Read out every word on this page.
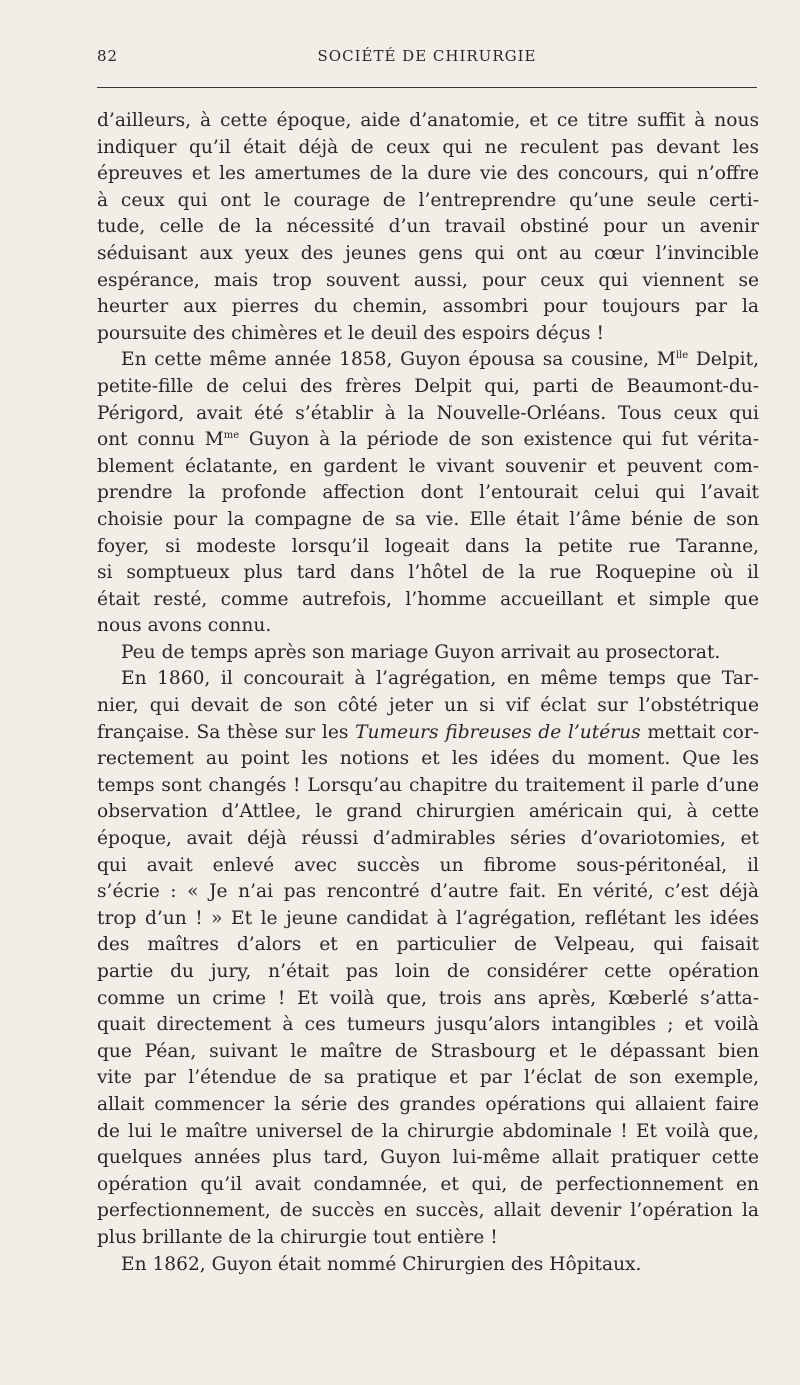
82	SOCIÉTÉ DE CHIRURGIE
d’ailleurs, à cette époque, aide d’anatomie, et ce titre suffit à nous
indiquer qu’il était déjà de ceux qui ne reculent pas devant les
épreuves et les amertumes de la dure vie des concours, qui n’offre
à ceux qui ont le courage de l’entreprendre qu’une seule certi-
tude, celle de la nécessité d’un travail obstiné pour un avenir
séduisant aux yeux des jeunes gens qui ont au cœur l’invincible
espérance, mais trop souvent aussi, pour ceux qui viennent se
heurter aux pierres du chemin, assombri pour toujours par la
poursuite des chimères et le deuil des espoirs déçus !
En cette même année 1858, Guyon épousa sa cousine, $M^{lle}$ Delpit,
petite-fille de celui des frères Delpit qui, parti de Beaumont-du-
Périgord, avait été s’établir à la Nouvelle-Orléans. Tous ceux qui
ont connu $M^{me}$ Guyon à la période de son existence qui fut vérita-
blement éclatante, en gardent le vivant souvenir et peuvent com-
prendre la profonde affection dont l’entourait celui qui l’avait
choisie pour la compagne de sa vie. Elle était l’âme bénie de son
foyer, si modeste lorsqu’il logeait dans la petite rue Taranne,
si somptueux plus tard dans l’hôtel de la rue Roquepine où il
était resté, comme autrefois, l’homme accueillant et simple que
nous avons connu.
Peu de temps après son mariage Guyon arrivait au prosectorat.
En 1860, il concourait à l’agrégation, en même temps que Tar-
nier, qui devait de son côté jeter un si vif éclat sur l’obstétrique
française. Sa thèse sur les Tumeurs fibreuses de l’utérus mettait cor-
rectement au point les notions et les idées du moment. Que les
temps sont changés ! Lorsqu’au chapitre du traitement il parle d’une
observation d’Attlee, le grand chirurgien américain qui, à cette
époque, avait déjà réussi d’admirables séries d’ovariotomies, et
qui avait enlevé avec succès un fibrome sous-péritonéal, il
s’écrie : « Je n’ai pas rencontré d’autre fait. En vérité, c’est déjà
trop d’un ! » Et le jeune candidat à l’agrégation, reflétant les idées
des maîtres d’alors et en particulier de Velpeau, qui faisait
partie du jury, n’était pas loin de considérer cette opération
comme un crime ! Et voilà que, trois ans après, Kœberlé s’atta-
quait directement à ces tumeurs jusqu’alors intangibles ; et voilà
que Péan, suivant le maître de Strasbourg et le dépassant bien
vite par l’étendue de sa pratique et par l’éclat de son exemple,
allait commencer la série des grandes opérations qui allaient faire
de lui le maître universel de la chirurgie abdominale ! Et voilà que,
quelques années plus tard, Guyon lui-même allait pratiquer cette
opération qu’il avait condamnée, et qui, de perfectionnement en
perfectionnement, de succès en succès, allait devenir l’opération la
plus brillante de la chirurgie tout entière !
En 1862, Guyon était nommé Chirurgien des Hôpitaux.
